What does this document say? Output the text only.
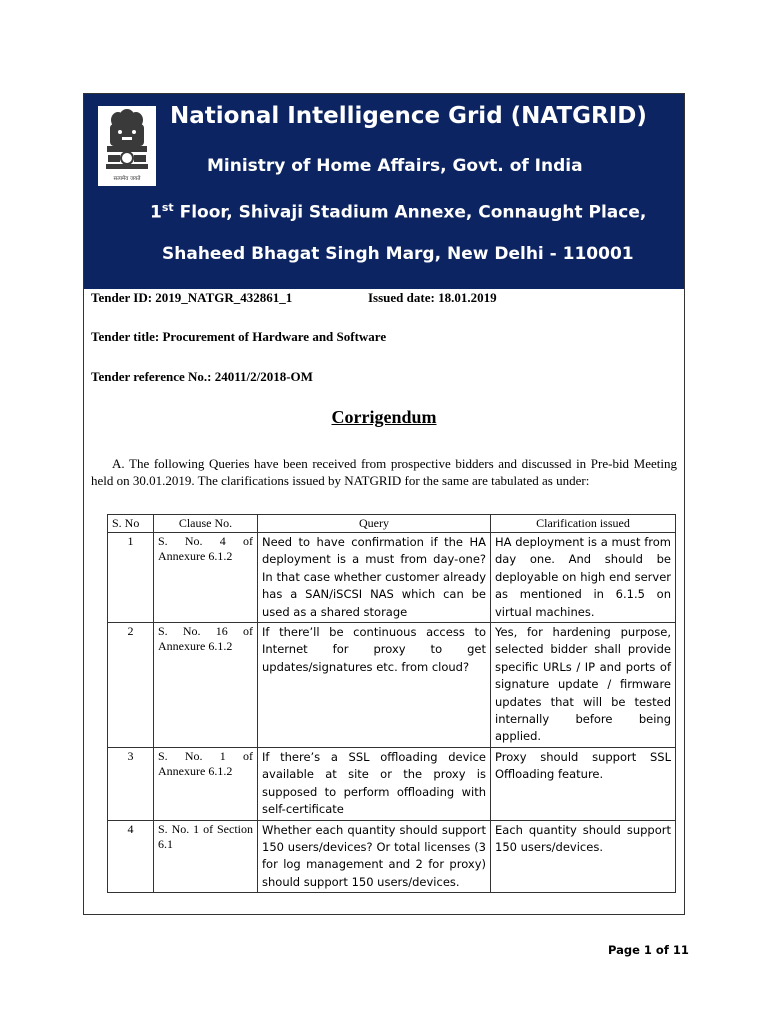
सत्यमेव जयते
National Intelligence Grid (NATGRID)
Ministry of Home Affairs, Govt. of India
1st Floor, Shivaji Stadium Annexe, Connaught Place,
Shaheed Bhagat Singh Marg, New Delhi - 110001
Tender ID: 2019_NATGR_432861_1	Issued date: 18.01.2019
Tender title: Procurement of Hardware and Software
Tender reference No.: 24011/2/2018-OM
Corrigendum
A. The following Queries have been received from prospective bidders and discussed in Pre-bid Meeting held on 30.01.2019. The clarifications issued by NATGRID for the same are tabulated as under:
S. No	Clause No.	Query	Clarification issued
1	S. No. 4 of Annexure 6.1.2	Need to have confirmation if the HA deployment is a must from day-one? In that case whether customer already has a SAN/iSCSI NAS which can be used as a shared storage	HA deployment is a must from day one. And should be deployable on high end server as mentioned in 6.1.5 on virtual machines.
2	S. No. 16 of Annexure 6.1.2	If there’ll be continuous access to Internet for proxy to get updates/signatures etc. from cloud?	Yes, for hardening purpose, selected bidder shall provide specific URLs / IP and ports of signature update / firmware updates that will be tested internally before being applied.
3	S. No. 1 of Annexure 6.1.2	If there’s a SSL offloading device available at site or the proxy is supposed to perform offloading with self-certificate	Proxy should support SSL Offloading feature.
4	S. No. 1 of Section 6.1	Whether each quantity should support 150 users/devices? Or total licenses (3 for log management and 2 for proxy) should support 150 users/devices.	Each quantity should support 150 users/devices.
Page 1 of 11
